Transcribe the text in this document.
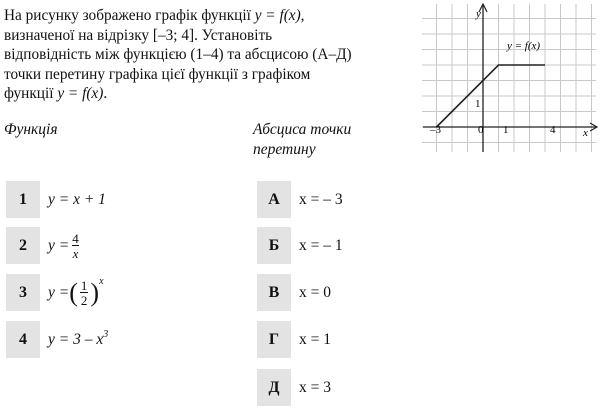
На рисунку зображено графік функції y = f(x),
визначеної на відрізку [–3; 4]. Установіть
відповідність між функцією (1–4) та абсцисою (А–Д)
точки перетину графіка цієї функції з графіком
функції y = f(x).
Функція	Абсциса точки перетину
1	y = x + 1
2	$y = \frac{4}{x}$
3	y = ( $\frac{1}{2} )^x$
4	$y = 3 - x^3$
А	x = – 3
Б	x = – 1
В	x = 0
Г	x = 1
Д	x = 3
y
x
y = f(x)
–3	0 1	4
1
